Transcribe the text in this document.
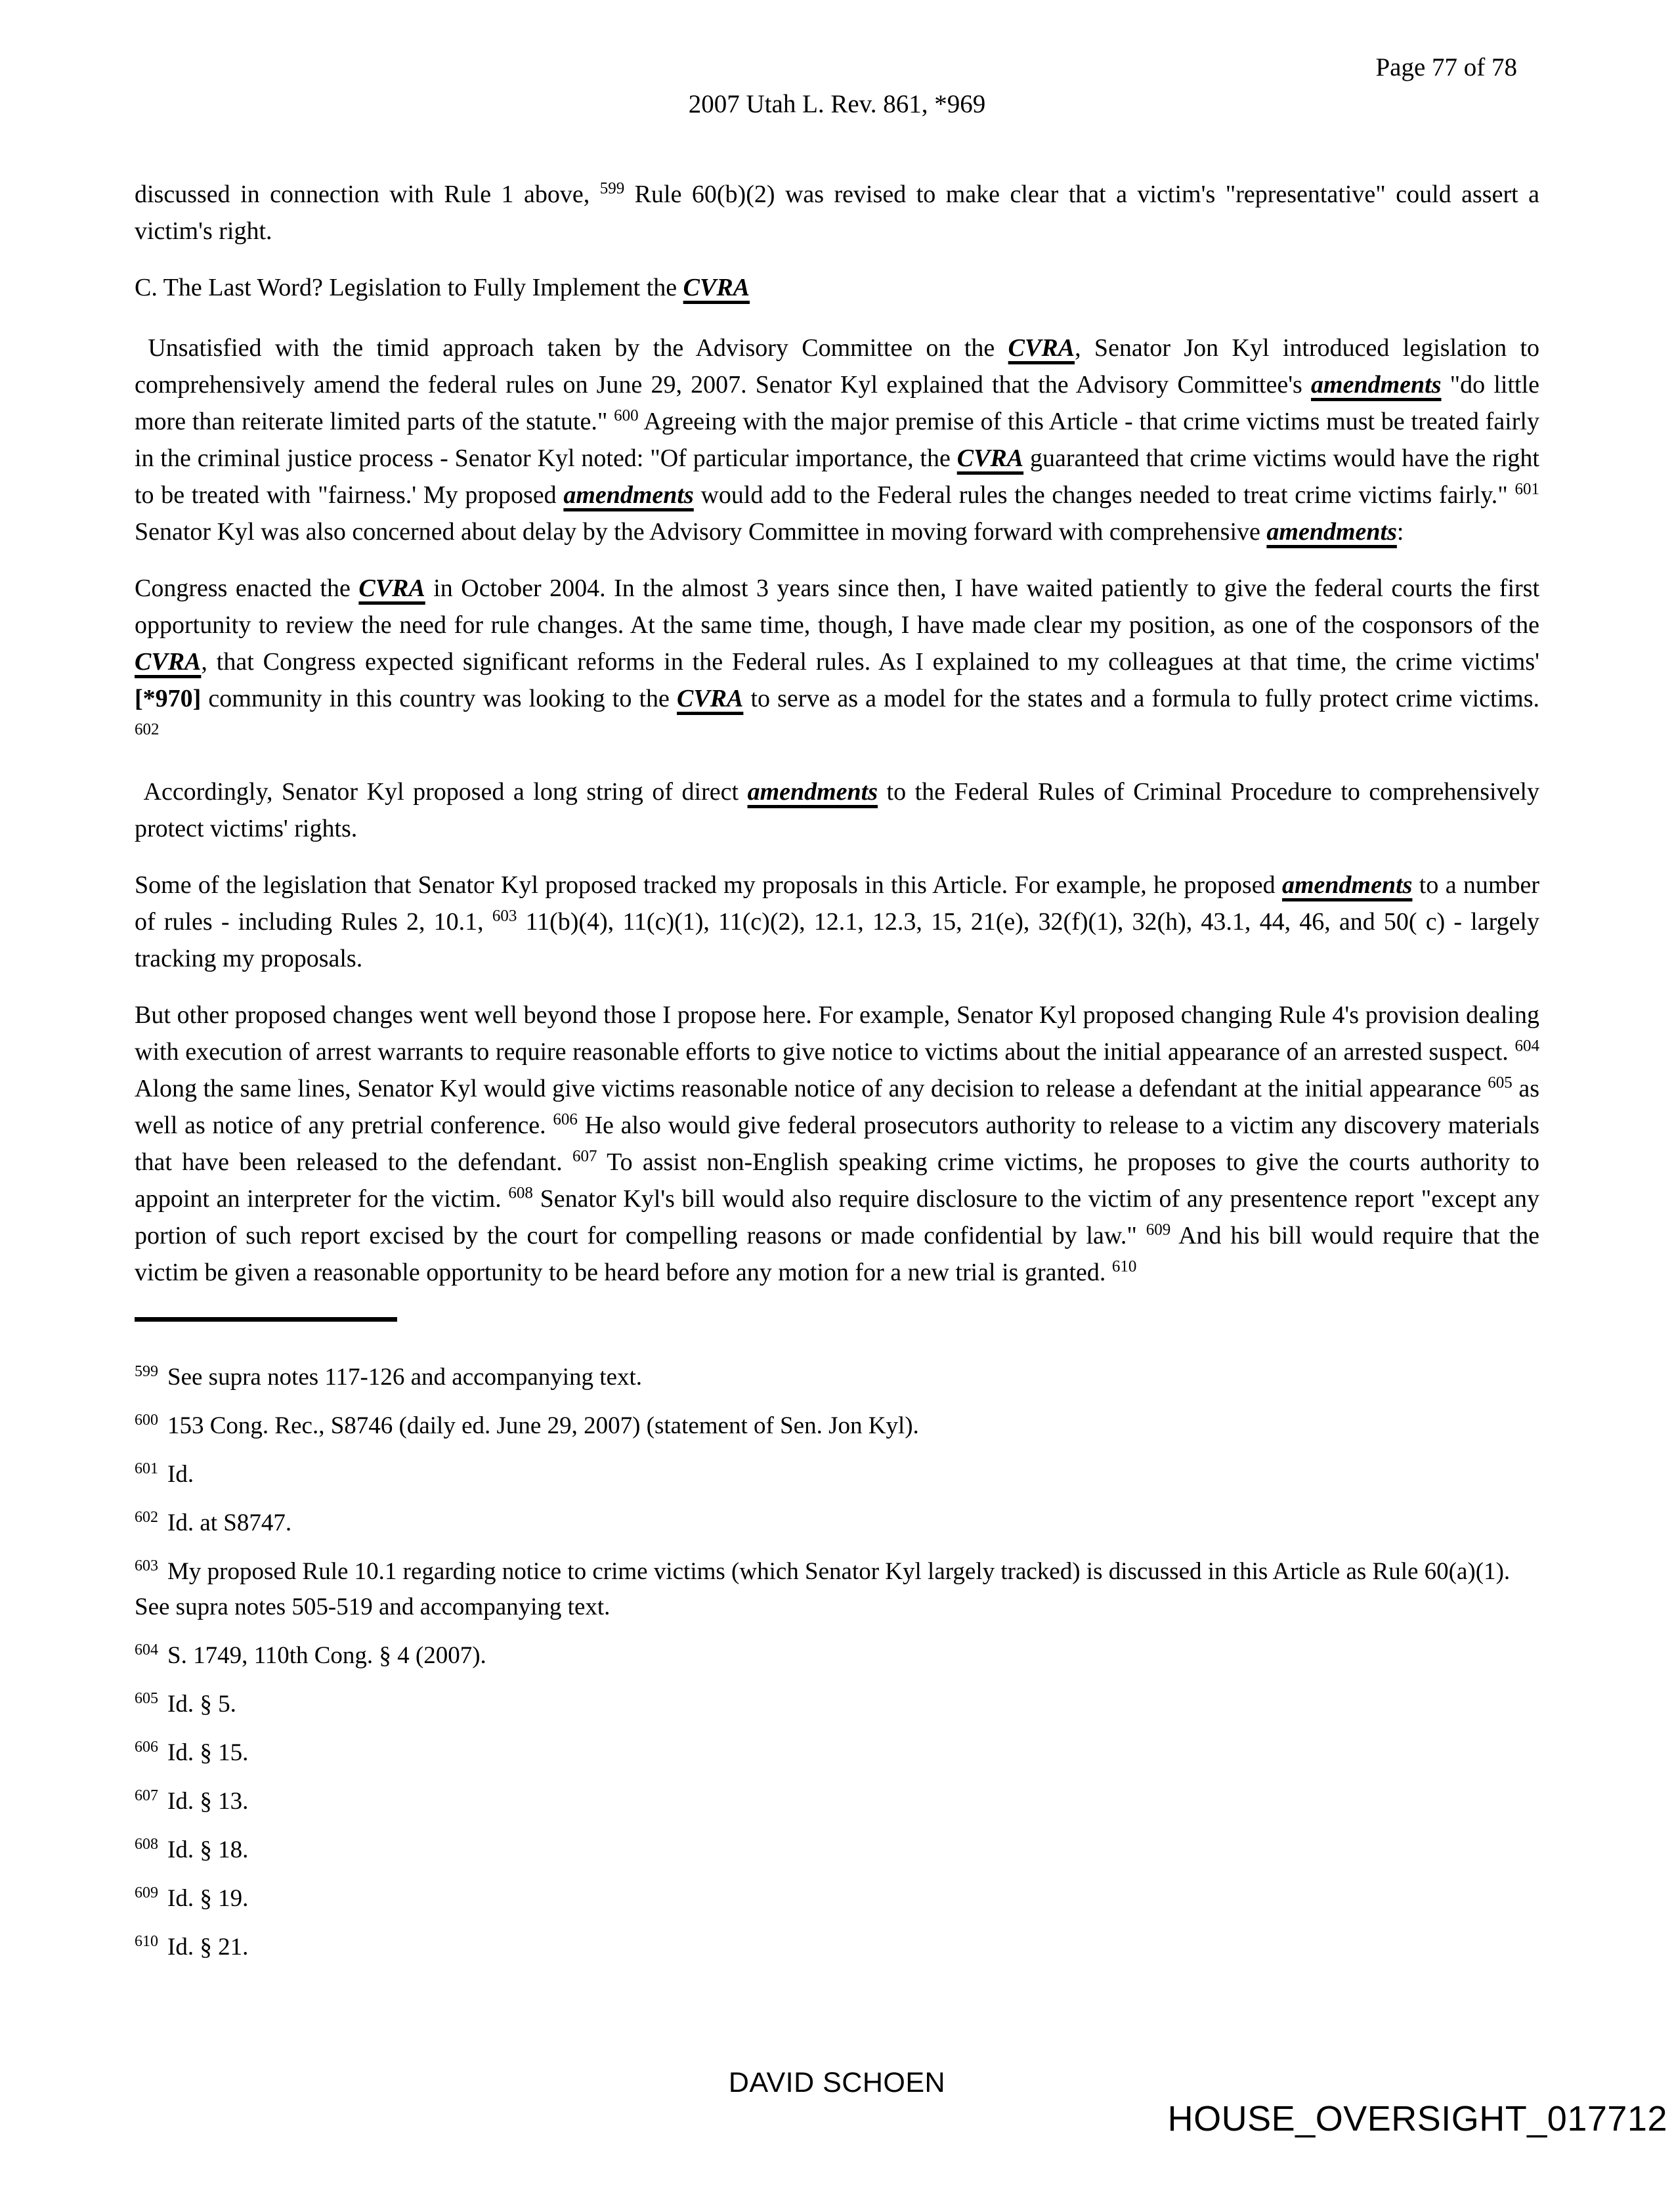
Page 77 of 78
2007 Utah L. Rev. 861, *969

discussed in connection with Rule 1 above, $^{599}$ Rule 60(b)(2) was revised to make clear that a victim's "representative" could assert a victim's right.

C. The Last Word? Legislation to Fully Implement the CVRA

Unsatisfied with the timid approach taken by the Advisory Committee on the CVRA, Senator Jon Kyl introduced legislation to comprehensively amend the federal rules on June 29, 2007. Senator Kyl explained that the Advisory Committee's amendments "do little more than reiterate limited parts of the statute." $^{600}$ Agreeing with the major premise of this Article - that crime victims must be treated fairly in the criminal justice process - Senator Kyl noted: "Of particular importance, the CVRA guaranteed that crime victims would have the right to be treated with "fairness.' My proposed amendments would add to the Federal rules the changes needed to treat crime victims fairly." $^{601}$ Senator Kyl was also concerned about delay by the Advisory Committee in moving forward with comprehensive amendments:

Congress enacted the CVRA in October 2004. In the almost 3 years since then, I have waited patiently to give the federal courts the first opportunity to review the need for rule changes. At the same time, though, I have made clear my position, as one of the cosponsors of the CVRA, that Congress expected significant reforms in the Federal rules. As I explained to my colleagues at that time, the crime victims' [*970] community in this country was looking to the CVRA to serve as a model for the states and a formula to fully protect crime victims. $^{602}$

Accordingly, Senator Kyl proposed a long string of direct amendments to the Federal Rules of Criminal Procedure to comprehensively protect victims' rights.

Some of the legislation that Senator Kyl proposed tracked my proposals in this Article. For example, he proposed amendments to a number of rules - including Rules 2, 10.1, $^{603}$ 11(b)(4), 11(c)(1), 11(c)(2), 12.1, 12.3, 15, 21(e), 32(f)(1), 32(h), 43.1, 44, 46, and 50( c) - largely tracking my proposals.

But other proposed changes went well beyond those I propose here. For example, Senator Kyl proposed changing Rule 4's provision dealing with execution of arrest warrants to require reasonable efforts to give notice to victims about the initial appearance of an arrested suspect. $^{604}$ Along the same lines, Senator Kyl would give victims reasonable notice of any decision to release a defendant at the initial appearance $^{605}$ as well as notice of any pretrial conference. $^{606}$ He also would give federal prosecutors authority to release to a victim any discovery materials that have been released to the defendant. $^{607}$ To assist non-English speaking crime victims, he proposes to give the courts authority to appoint an interpreter for the victim. $^{608}$ Senator Kyl's bill would also require disclosure to the victim of any presentence report "except any portion of such report excised by the court for compelling reasons or made confidential by law." $^{609}$ And his bill would require that the victim be given a reasonable opportunity to be heard before any motion for a new trial is granted. $^{610}$

$^{599}$ See supra notes 117-126 and accompanying text.
$^{600}$ 153 Cong. Rec., S8746 (daily ed. June 29, 2007) (statement of Sen. Jon Kyl).
$^{601}$ Id.
$^{602}$ Id. at S8747.
$^{603}$ My proposed Rule 10.1 regarding notice to crime victims (which Senator Kyl largely tracked) is discussed in this Article as Rule 60(a)(1). See supra notes 505-519 and accompanying text.
$^{604}$ S. 1749, 110th Cong. § 4 (2007).
$^{605}$ Id. § 5.
$^{606}$ Id. § 15.
$^{607}$ Id. § 13.
$^{608}$ Id. § 18.
$^{609}$ Id. § 19.
$^{610}$ Id. § 21.
DAVID SCHOEN
HOUSE_OVERSIGHT_017712
